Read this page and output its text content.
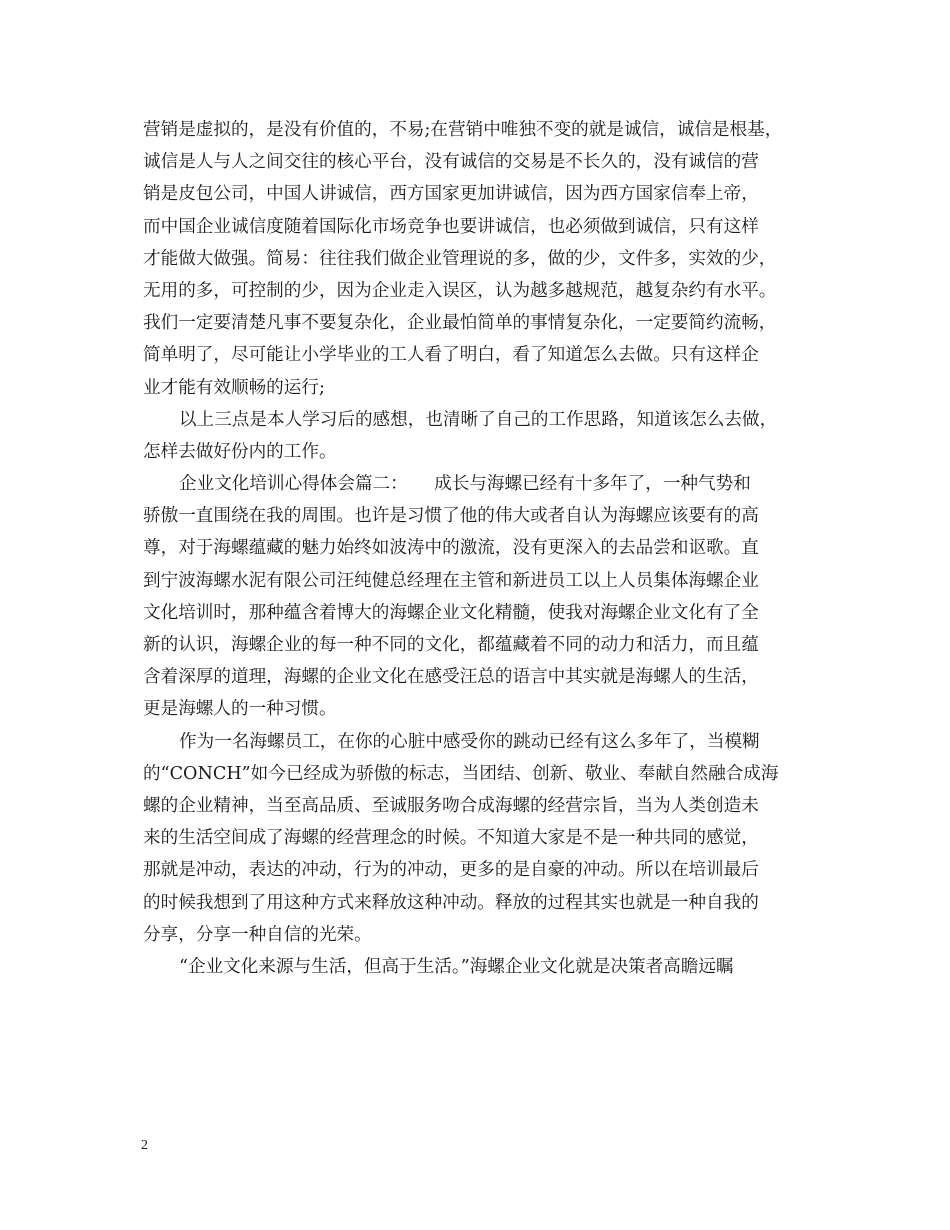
营销是虚拟的，是没有价值的，不易;在营销中唯独不变的就是诚信，诚信是根基，
诚信是人与人之间交往的核心平台，没有诚信的交易是不长久的，没有诚信的营
销是皮包公司，中国人讲诚信，西方国家更加讲诚信，因为西方国家信奉上帝，
而中国企业诚信度随着国际化市场竞争也要讲诚信，也必须做到诚信，只有这样
才能做大做强。简易：往往我们做企业管理说的多，做的少，文件多，实效的少，
无用的多，可控制的少，因为企业走入误区，认为越多越规范，越复杂约有水平。
我们一定要清楚凡事不要复杂化，企业最怕简单的事情复杂化，一定要简约流畅，
简单明了，尽可能让小学毕业的工人看了明白，看了知道怎么去做。只有这样企
业才能有效顺畅的运行;
以上三点是本人学习后的感想，也清晰了自己的工作思路，知道该怎么去做，
怎样去做好份内的工作。
企业文化培训心得体会篇二：　　成长与海螺已经有十多年了，一种气势和
骄傲一直围绕在我的周围。也许是习惯了他的伟大或者自认为海螺应该要有的高
尊，对于海螺蕴藏的魅力始终如波涛中的激流，没有更深入的去品尝和讴歌。直
到宁波海螺水泥有限公司汪纯健总经理在主管和新进员工以上人员集体海螺企业
文化培训时，那种蕴含着博大的海螺企业文化精髓，使我对海螺企业文化有了全
新的认识，海螺企业的每一种不同的文化，都蕴藏着不同的动力和活力，而且蕴
含着深厚的道理，海螺的企业文化在感受汪总的语言中其实就是海螺人的生活，
更是海螺人的一种习惯。
作为一名海螺员工，在你的心脏中感受你的跳动已经有这么多年了，当模糊
的“CONCH”如今已经成为骄傲的标志，当团结、创新、敬业、奉献自然融合成海
螺的企业精神，当至高品质、至诚服务吻合成海螺的经营宗旨，当为人类创造未
来的生活空间成了海螺的经营理念的时候。不知道大家是不是一种共同的感觉，
那就是冲动，表达的冲动，行为的冲动，更多的是自豪的冲动。所以在培训最后
的时候我想到了用这种方式来释放这种冲动。释放的过程其实也就是一种自我的
分享，分享一种自信的光荣。
“企业文化来源与生活，但高于生活。”海螺企业文化就是决策者高瞻远瞩
2
